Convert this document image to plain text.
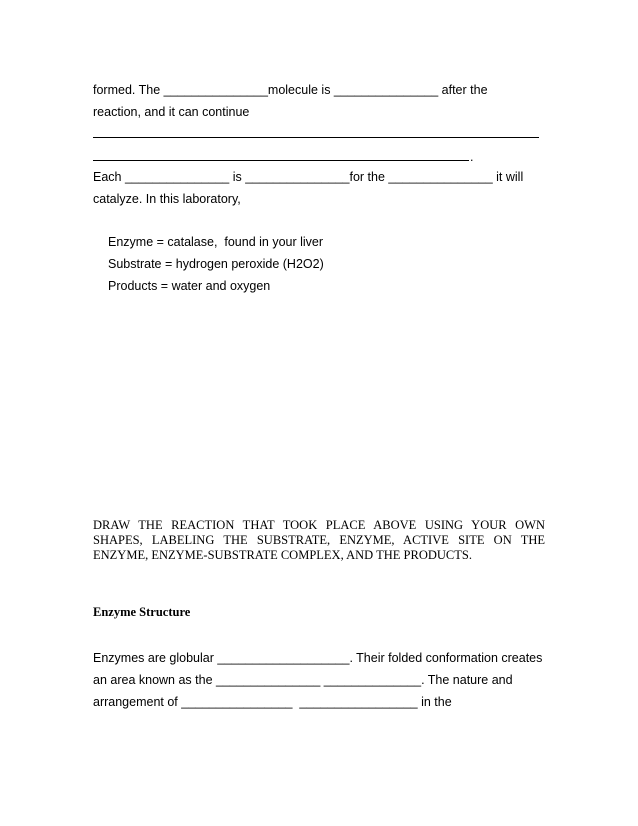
formed. The _______________molecule is _______________ after the
reaction, and it can continue
.
Each _______________ is _______________for the _______________ it will
catalyze. In this laboratory,
Enzyme = catalase,  found in your liver
Substrate = hydrogen peroxide (H2O2)
Products = water and oxygen
DRAW THE REACTION THAT TOOK PLACE ABOVE USING YOUR OWN SHAPES, LABELING THE SUBSTRATE, ENZYME, ACTIVE SITE ON THE ENZYME, ENZYME-SUBSTRATE COMPLEX, AND THE PRODUCTS.
Enzyme Structure
Enzymes are globular ___________________. Their folded conformation creates
an area known as the _______________ ______________. The nature and
arrangement of ________________  _________________ in the
